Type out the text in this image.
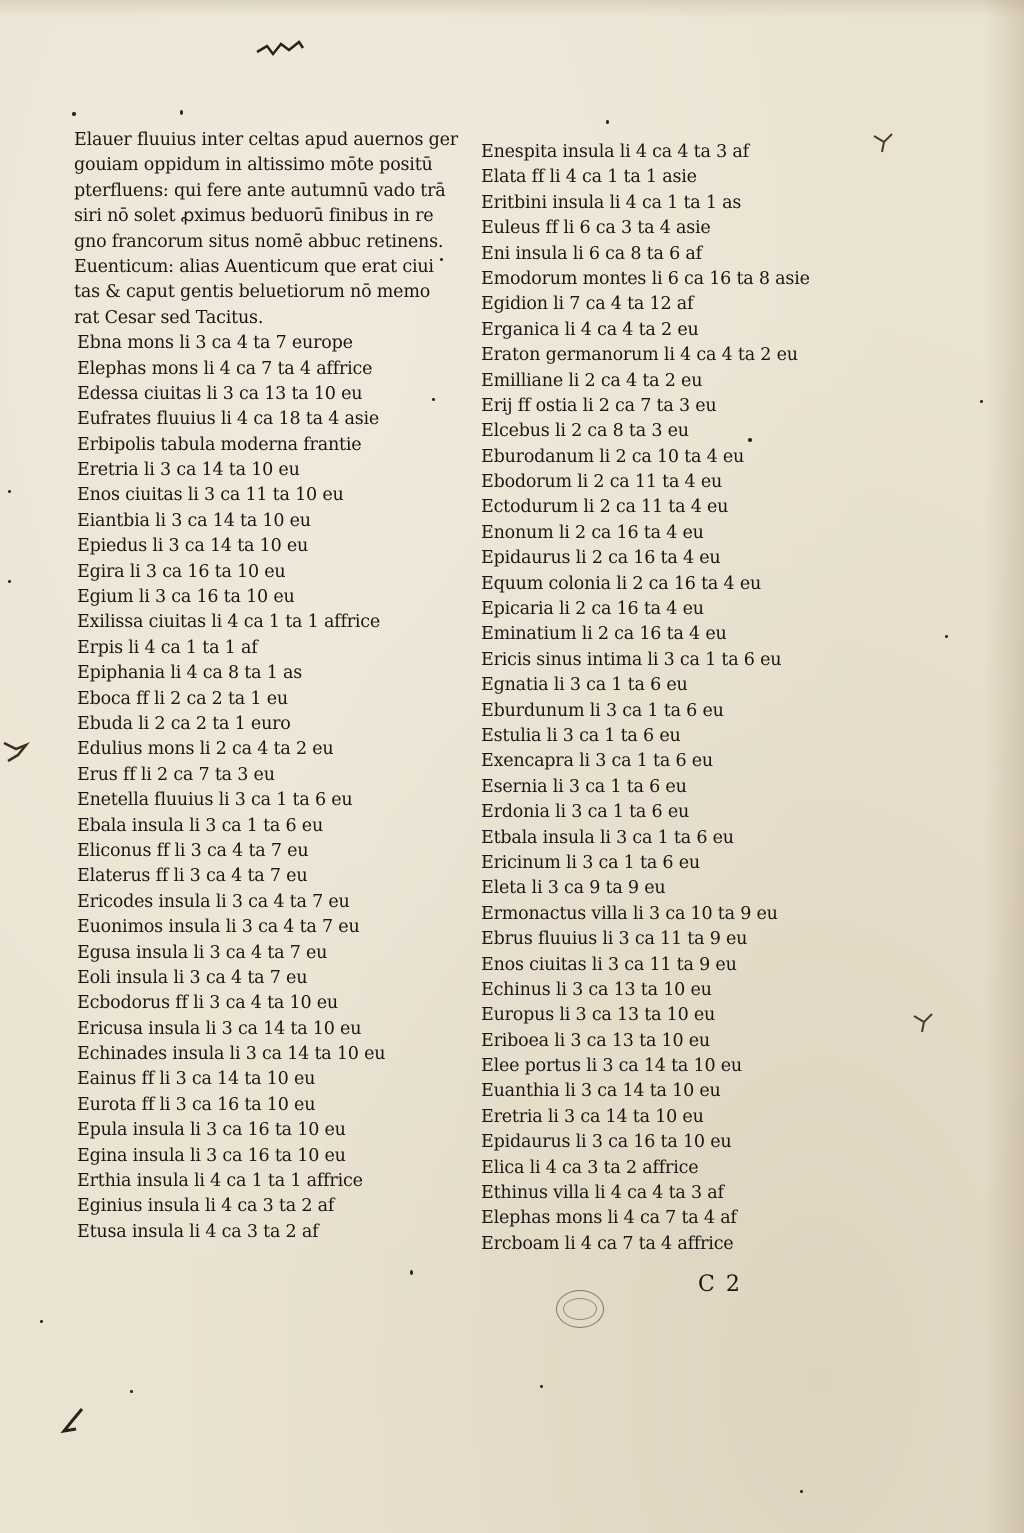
Elauer fluuius inter celtas apud auernos ger
gouiam oppidum in altissimo mōte positū
pterfluens: qui fere ante autumnū vado trā
siri nō solet ꝓximus beduorū finibus in re
gno francorum situs nomē abbuc retinens.
Euenticum: alias Auenticum que erat ciui
tas & caput gentis beluetiorum nō memo
rat Cesar sed Tacitus.
Ebna mons li 3 ca 4 ta 7 europe
Elephas mons li 4 ca 7 ta 4 affrice
Edessa ciuitas li 3 ca 13 ta 10 eu
Eufrates fluuius li 4 ca 18 ta 4 asie
Erbipolis tabula moderna frantie
Eretria li 3 ca 14 ta 10 eu
Enos ciuitas li 3 ca 11 ta 10 eu
Eiantbia li 3 ca 14 ta 10 eu
Epiedus li 3 ca 14 ta 10 eu
Egira li 3 ca 16 ta 10 eu
Egium li 3 ca 16 ta 10 eu
Exilissa ciuitas li 4 ca 1 ta 1 affrice
Erpis li 4 ca 1 ta 1 af
Epiphania li 4 ca 8 ta 1 as
Eboca ff li 2 ca 2 ta 1 eu
Ebuda li 2 ca 2 ta 1 euro
Edulius mons li 2 ca 4 ta 2 eu
Erus ff li 2 ca 7 ta 3 eu
Enetella fluuius li 3 ca 1 ta 6 eu
Ebala insula li 3 ca 1 ta 6 eu
Eliconus ff li 3 ca 4 ta 7 eu
Elaterus ff li 3 ca 4 ta 7 eu
Ericodes insula li 3 ca 4 ta 7 eu
Euonimos insula li 3 ca 4 ta 7 eu
Egusa insula li 3 ca 4 ta 7 eu
Eoli insula li 3 ca 4 ta 7 eu
Ecbodorus ff li 3 ca 4 ta 10 eu
Ericusa insula li 3 ca 14 ta 10 eu
Echinades insula li 3 ca 14 ta 10 eu
Eainus ff li 3 ca 14 ta 10 eu
Eurota ff li 3 ca 16 ta 10 eu
Epula insula li 3 ca 16 ta 10 eu
Egina insula li 3 ca 16 ta 10 eu
Erthia insula li 4 ca 1 ta 1 affrice
Eginius insula li 4 ca 3 ta 2 af
Etusa insula li 4 ca 3 ta 2 af
Enespita insula li 4 ca 4 ta 3 af
Elata ff li 4 ca 1 ta 1 asie
Eritbini insula li 4 ca 1 ta 1 as
Euleus ff li 6 ca 3 ta 4 asie
Eni insula li 6 ca 8 ta 6 af
Emodorum montes li 6 ca 16 ta 8 asie
Egidion li 7 ca 4 ta 12 af
Erganica li 4 ca 4 ta 2 eu
Eraton germanorum li 4 ca 4 ta 2 eu
Emilliane li 2 ca 4 ta 2 eu
Erij ff ostia li 2 ca 7 ta 3 eu
Elcebus li 2 ca 8 ta 3 eu
Eburodanum li 2 ca 10 ta 4 eu
Ebodorum li 2 ca 11 ta 4 eu
Ectodurum li 2 ca 11 ta 4 eu
Enonum li 2 ca 16 ta 4 eu
Epidaurus li 2 ca 16 ta 4 eu
Equum colonia li 2 ca 16 ta 4 eu
Epicaria li 2 ca 16 ta 4 eu
Eminatium li 2 ca 16 ta 4 eu
Ericis sinus intima li 3 ca 1 ta 6 eu
Egnatia li 3 ca 1 ta 6 eu
Eburdunum li 3 ca 1 ta 6 eu
Estulia li 3 ca 1 ta 6 eu
Exencapra li 3 ca 1 ta 6 eu
Esernia li 3 ca 1 ta 6 eu
Erdonia li 3 ca 1 ta 6 eu
Etbala insula li 3 ca 1 ta 6 eu
Ericinum li 3 ca 1 ta 6 eu
Eleta li 3 ca 9 ta 9 eu
Ermonactus villa li 3 ca 10 ta 9 eu
Ebrus fluuius li 3 ca 11 ta 9 eu
Enos ciuitas li 3 ca 11 ta 9 eu
Echinus li 3 ca 13 ta 10 eu
Europus li 3 ca 13 ta 10 eu
Eriboea li 3 ca 13 ta 10 eu
Elee portus li 3 ca 14 ta 10 eu
Euanthia li 3 ca 14 ta 10 eu
Eretria li 3 ca 14 ta 10 eu
Epidaurus li 3 ca 16 ta 10 eu
Elica li 4 ca 3 ta 2 affrice
Ethinus villa li 4 ca 4 ta 3 af
Elephas mons li 4 ca 7 ta 4 af
Ercboam li 4 ca 7 ta 4 affrice
C 2
